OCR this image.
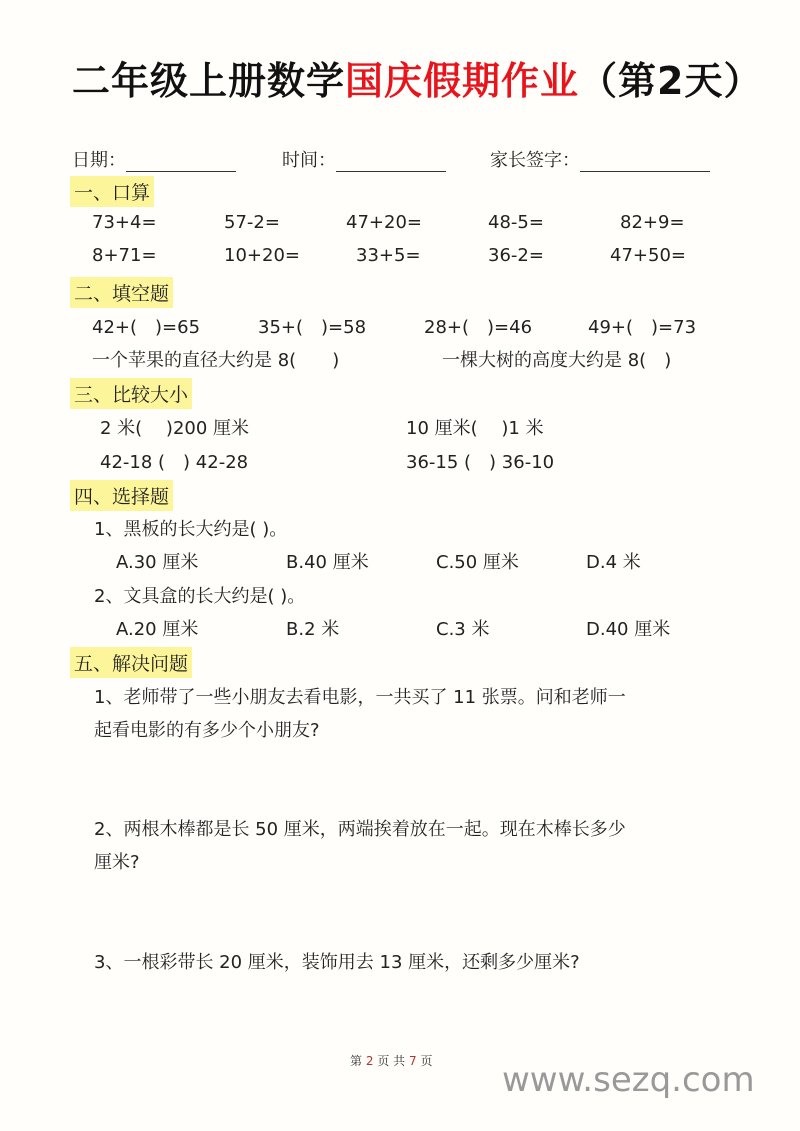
二年级上册数学国庆假期作业（第2天）
日期：	时间：	家长签字：
一、口算
73+4=	57-2=	47+20=	48-5=	82+9=
8+71=	10+20=	33+5=	36-2=	47+50=
二、填空题
42+(　)=65	35+(　)=58	28+(　)=46	49+(　)=73
一个苹果的直径大约是 8(　　)	一棵大树的高度大约是 8(　)
三、比较大小
2 米(　 )200 厘米	10 厘米(　 )1 米
42-18 (　) 42-28	36-15 (　) 36-10
四、选择题
1、黑板的长大约是( )。
A.30 厘米	B.40 厘米	C.50 厘米	D.4 米
2、文具盒的长大约是( )。
A.20 厘米	B.2 米	C.3 米	D.40 厘米
五、解决问题
1、老师带了一些小朋友去看电影，一共买了 11 张票。问和老师一
起看电影的有多少个小朋友?
2、两根木棒都是长 50 厘米，两端挨着放在一起。现在木棒长多少
厘米?
3、一根彩带长 20 厘米，装饰用去 13 厘米，还剩多少厘米?
第 2 页 共 7 页 www.sezq.com
